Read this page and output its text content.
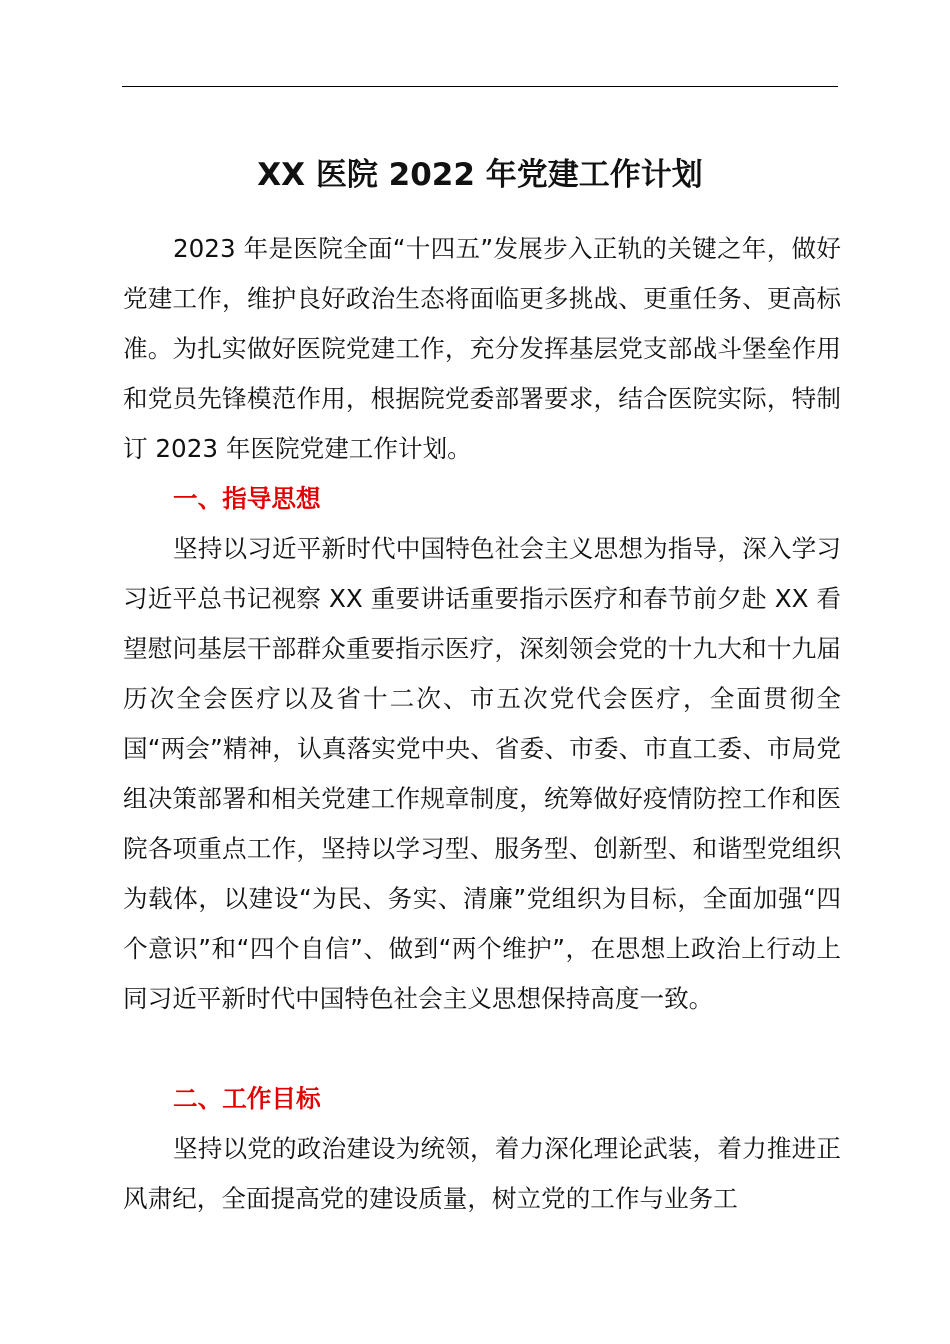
XX 医院 2022 年党建工作计划

2023 年是医院全面“十四五”发展步入正轨的关键之年，做好党建工作，维护良好政治生态将面临更多挑战、更重任务、更高标准。为扎实做好医院党建工作，充分发挥基层党支部战斗堡垒作用和党员先锋模范作用，根据院党委部署要求，结合医院实际，特制订 2023 年医院党建工作计划。

一、指导思想

坚持以习近平新时代中国特色社会主义思想为指导，深入学习习近平总书记视察 XX 重要讲话重要指示医疗和春节前夕赴 XX 看望慰问基层干部群众重要指示医疗，深刻领会党的十九大和十九届历次全会医疗以及省十二次、市五次党代会医疗，全面贯彻全国“两会”精神，认真落实党中央、省委、市委、市直工委、市局党组决策部署和相关党建工作规章制度，统筹做好疫情防控工作和医院各项重点工作，坚持以学习型、服务型、创新型、和谐型党组织为载体，以建设“为民、务实、清廉”党组织为目标，全面加强“四个意识”和“四个自信”、做到“两个维护”，在思想上政治上行动上同习近平新时代中国特色社会主义思想保持高度一致。

二、工作目标

坚持以党的政治建设为统领，着力深化理论武装，着力推进正风肃纪，全面提高党的建设质量，树立党的工作与业务工
